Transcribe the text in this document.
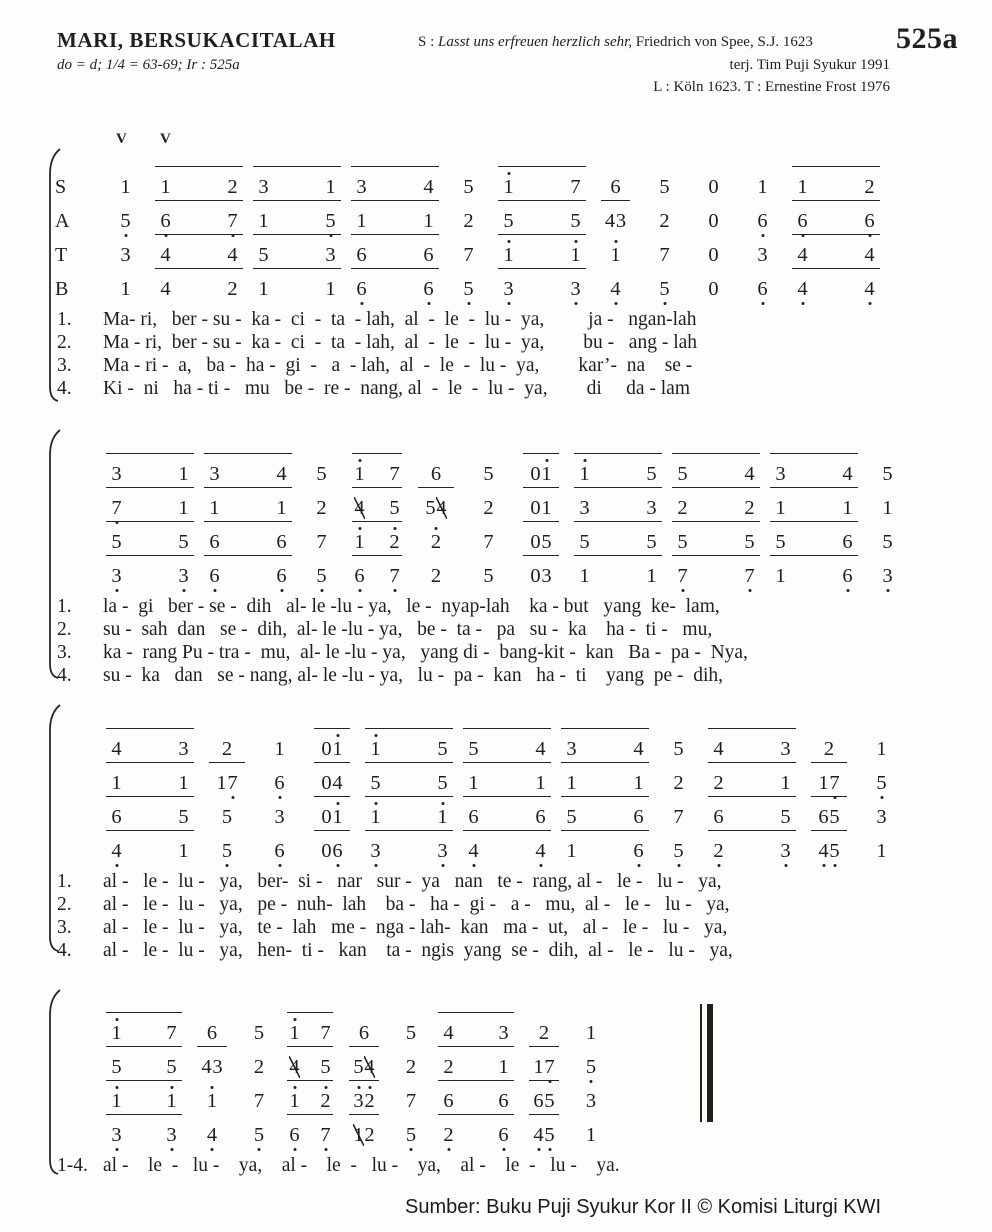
MARI, BERSUKACITALAH
do = d; 1/4 = 63-69; Ir : 525a
S : Lasst uns erfreuen herzlich sehr, Friedrich von Spee, S.J. 1623	525a
terj. Tim Puji Syukur 1991
L : Köln 1623. T : Ernestine Frost 1976
V V
S	1 1	2 3	1 3	4 5 1	7 6 5 0 1 1	2
A	5 6	7 1	5 1	1 2 5	5 4 3 2 0 6 6	6
T	3 4	4 5	3 6	6 7 1	1 1 7 0 3 4	4
B	1 4	2 1	1 6	6 5 3	3 4 5 0 6 4	4
1.	Ma- ri,   ber - su -  ka -  ci  -  ta  - lah,  al  -  le  -  lu -  ya,         ja -   ngan-lah
2.	Ma - ri,  ber - su -  ka -  ci  -  ta  - lah,  al  -  le  -  lu -  ya,        bu -   ang - lah
3.	Ma - ri -  a,   ba -  ha -  gi  -   a  - lah,  al  -  le  -  lu -  ya,        kar’-  na    se -
4.	Ki -  ni   ha - ti -   mu   be -  re -  nang, al  -  le  -  lu -  ya,        di     da - lam
3	1 3	4 5 1 7 6 5 0 1 1	5 5	4 3	4 5
7	1 1	1 2 4 5 5 4 2 0 1 3	3 2	2 1	1 1
5	5 6	6 7 1 2 2 7 0 5 5	5 5	5 5	6 5
3	3 6	6 5 6 7 2 5 0 3 1	1 7	7 1	6 3
1.	la -  gi   ber - se -  dih   al- le -lu - ya,   le -  nyap-lah    ka - but   yang  ke-  lam,
2.	su -  sah  dan   se -  dih,  al- le -lu - ya,   be -  ta -   pa   su -  ka    ha -  ti -   mu,
3.	ka -  rang Pu - tra -  mu,  al- le -lu - ya,   yang di -  bang-kit -  kan   Ba -  pa -  Nya,
4.	su -  ka   dan   se - nang, al- le -lu - ya,   lu -  pa -  kan   ha -  ti    yang  pe -  dih,
4	3 2 1 0 1 1	5 5	4 3	4 5 4	3 2 1
1	1 1 7 6 0 4 5	5 1	1 1	1 2 2	1 1 7 5
6	5 5 3 0 1 1	1 6	6 5	6 7 6	5 6 5 3
4	1 5 6 0 6 3	3 4	4 1	6 5 2	3 4 5 1
1.	al -   le -  lu -   ya,   ber-  si -   nar   sur -  ya   nan   te -  rang, al -   le -   lu -   ya,
2.	al -   le -  lu -   ya,   pe -  nuh-  lah    ba -   ha -  gi -   a -   mu,  al -   le -   lu -   ya,
3.	al -   le -  lu -   ya,   te -  lah   me -  nga - lah-  kan   ma -  ut,   al -   le -   lu -   ya,
4.	al -   le -  lu -   ya,   hen-  ti -   kan    ta -  ngis  yang  se -  dih,  al -   le -   lu -   ya,
1 7 6 5 1 7 6 5 4 3 2 1
5 5 4 3 2 4 5 5 4 2 2 1 1 7 5
1 1 1 7 1 2 3 2 7 6 6 6 5 3
3 3 4 5 6 7 1 2 5 2 6 4 5 1
1-4. al -    le  -   lu -    ya,    al -    le  -   lu -    ya,    al -    le  -   lu -    ya.
Sumber: Buku Puji Syukur Kor II © Komisi Liturgi KWI
